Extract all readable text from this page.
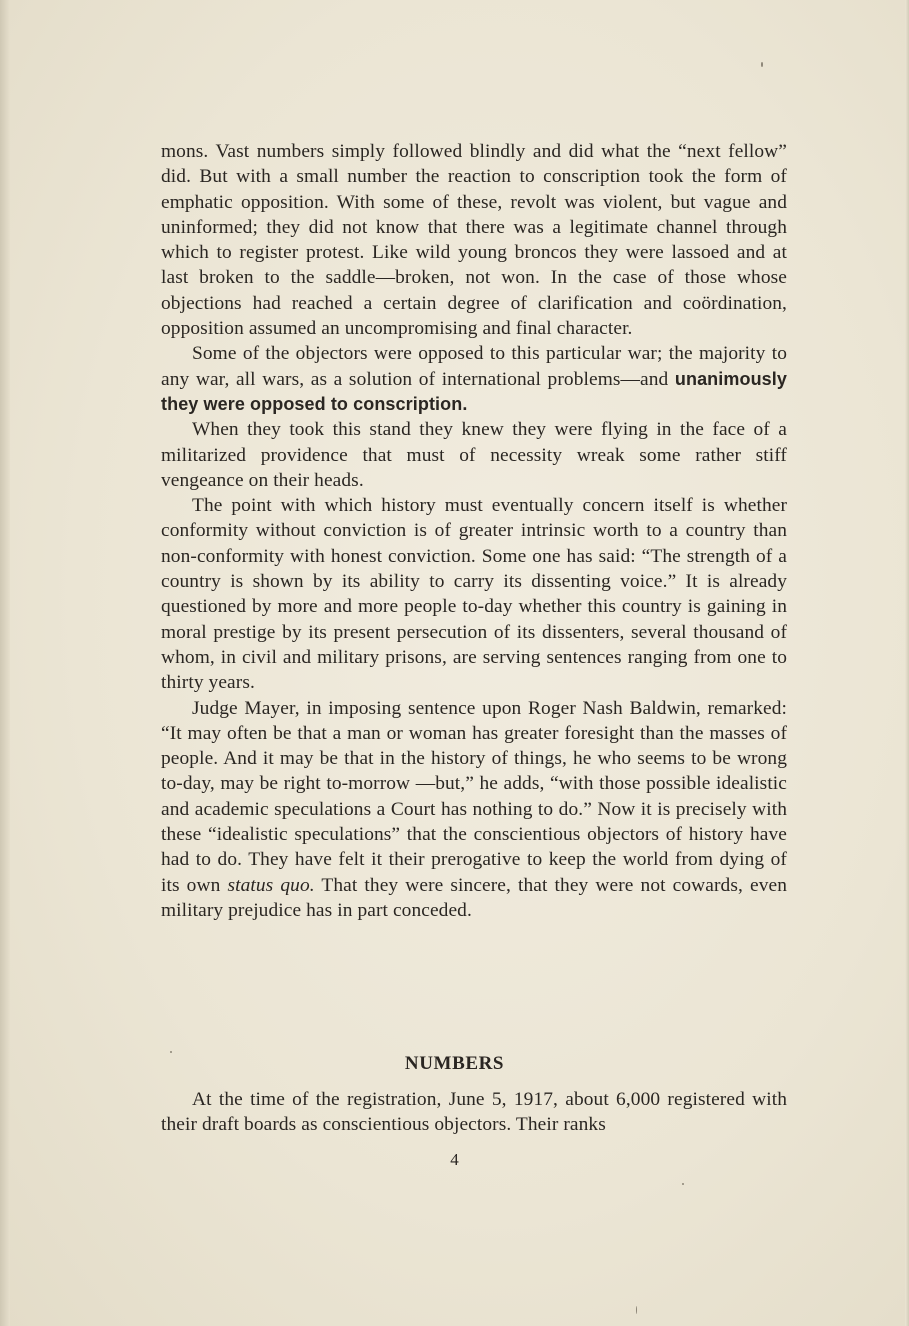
mons. Vast numbers simply followed blindly and did what the “next fellow” did. But with a small number the reaction to conscription took the form of emphatic opposition. With some of these, revolt was violent, but vague and uninformed; they did not know that there was a legitimate channel through which to register protest. Like wild young broncos they were lassoed and at last broken to the saddle—broken, not won. In the case of those whose objections had reached a certain degree of clarification and coördination, opposition assumed an uncompromising and final character.

Some of the objectors were opposed to this particular war; the majority to any war, all wars, as a solution of international problems—and unanimously they were opposed to conscription.

When they took this stand they knew they were flying in the face of a militarized providence that must of necessity wreak some rather stiff vengeance on their heads.

The point with which history must eventually concern itself is whether conformity without conviction is of greater intrinsic worth to a country than non-conformity with honest conviction. Some one has said: “The strength of a country is shown by its ability to carry its dissenting voice.” It is already questioned by more and more people to-day whether this country is gaining in moral prestige by its present persecution of its dissenters, several thousand of whom, in civil and military prisons, are serving sentences ranging from one to thirty years.

Judge Mayer, in imposing sentence upon Roger Nash Baldwin, remarked: “It may often be that a man or woman has greater foresight than the masses of people. And it may be that in the history of things, he who seems to be wrong to-day, may be right to-morrow —but,” he adds, “with those possible idealistic and academic speculations a Court has nothing to do.” Now it is precisely with these “idealistic speculations” that the conscientious objectors of history have had to do. They have felt it their prerogative to keep the world from dying of its own status quo. That they were sincere, that they were not cowards, even military prejudice has in part conceded.

NUMBERS

At the time of the registration, June 5, 1917, about 6,000 registered with their draft boards as conscientious objectors. Their ranks

4
